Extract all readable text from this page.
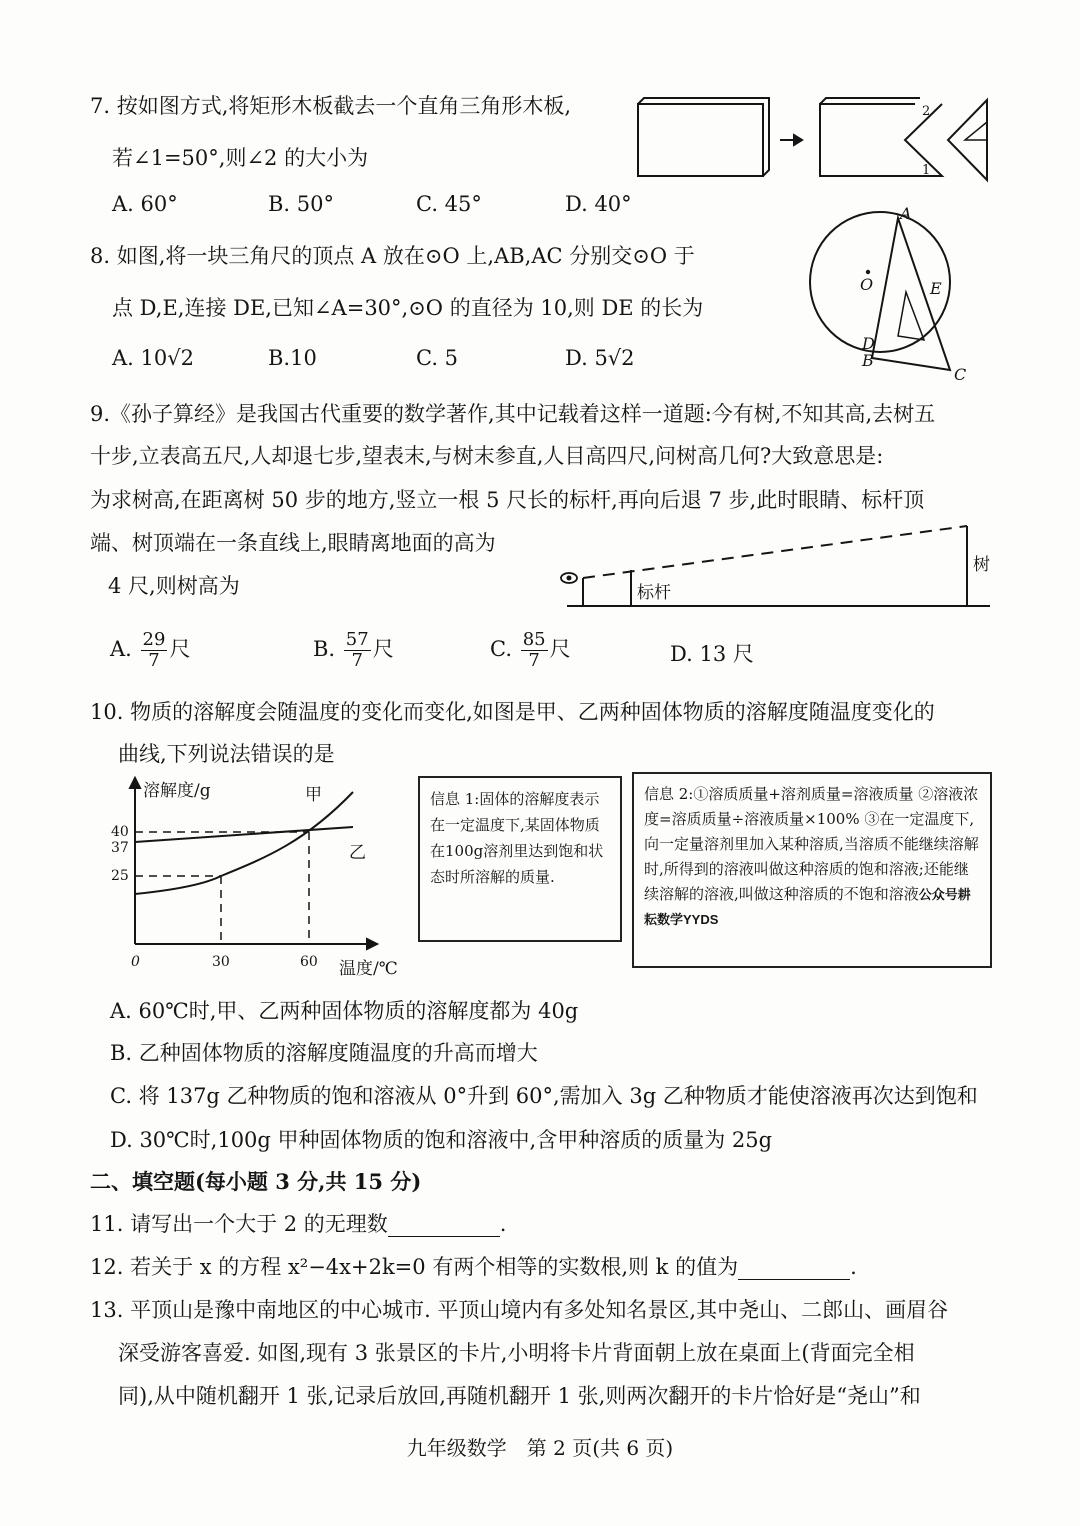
7. 按如图方式,将矩形木板截去一个直角三角形木板,
若∠1=50°,则∠2 的大小为
A. 60°	B. 50°	C. 45°	D. 40°
2
1
8. 如图,将一块三角尺的顶点 A 放在⊙O 上,AB,AC 分别交⊙O 于
点 D,E,连接 DE,已知∠A=30°,⊙O 的直径为 10,则 DE 的长为
A. 10√2	B.10	C. 5	D. 5√2
A
O	E
D
B
C
9.《孙子算经》是我国古代重要的数学著作,其中记载着这样一道题:今有树,不知其高,去树五
十步,立表高五尺,人却退七步,望表末,与树末参直,人目高四尺,问树高几何?大致意思是:
为求树高,在距离树 50 步的地方,竖立一根 5 尺长的标杆,再向后退 7 步,此时眼睛、标杆顶
端、树顶端在一条直线上,眼睛离地面的高为
4 尺,则树高为	标杆
树
A. $\frac{29}{7}$ 尺	B. $\frac{57}{7}$ 尺	C. $\frac{85}{7}$ 尺	D. 13 尺
10. 物质的溶解度会随温度的变化而变化,如图是甲、乙两种固体物质的溶解度随温度变化的
曲线,下列说法错误的是
溶解度/g	甲
乙
40
37
25
0	30	60 温度/℃
信息 1:固体的溶解度表示在一定温度下,某固体物质在100g溶剂里达到饱和状态时所溶解的质量.
信息 2:①溶质质量+溶剂质量=溶液质量 ②溶液浓度=溶质质量÷溶液质量×100% ③在一定温度下,向一定量溶剂里加入某种溶质,当溶质不能继续溶解时,所得到的溶液叫做这种溶质的饱和溶液;还能继续溶解的溶液,叫做这种溶质的不饱和溶液公众号耕耘数学YYDS
A. 60℃时,甲、乙两种固体物质的溶解度都为 40g
B. 乙种固体物质的溶解度随温度的升高而增大
C. 将 137g 乙种物质的饱和溶液从 0°升到 60°,需加入 3g 乙种物质才能使溶液再次达到饱和
D. 30℃时,100g 甲种固体物质的饱和溶液中,含甲种溶质的质量为 25g
二、填空题(每小题 3 分,共 15 分)
11. 请写出一个大于 2 的无理数	.
12. 若关于 x 的方程 x²−4x+2k=0 有两个相等的实数根,则 k 的值为	.
13. 平顶山是豫中南地区的中心城市. 平顶山境内有多处知名景区,其中尧山、二郎山、画眉谷
深受游客喜爱. 如图,现有 3 张景区的卡片,小明将卡片背面朝上放在桌面上(背面完全相
同),从中随机翻开 1 张,记录后放回,再随机翻开 1 张,则两次翻开的卡片恰好是“尧山”和
九年级数学　第 2 页(共 6 页)
